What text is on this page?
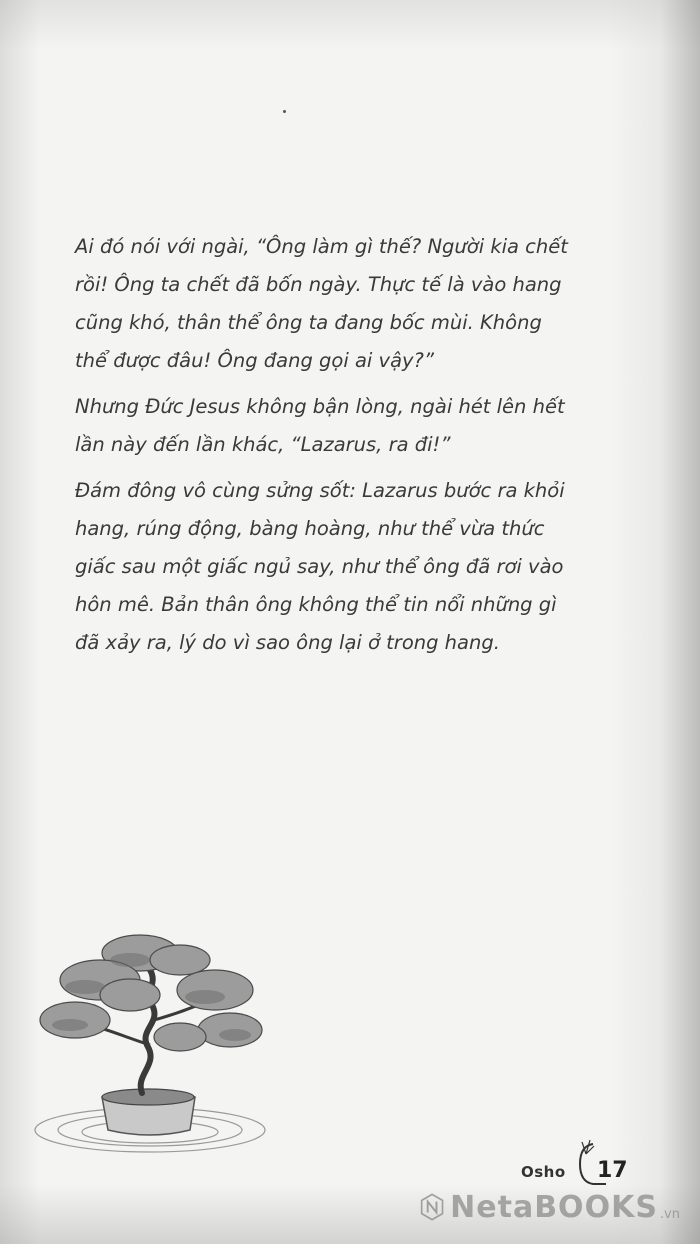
Ai đó nói với ngài, “Ông làm gì thế? Người kia chết rồi! Ông ta chết đã bốn ngày. Thực tế là vào hang cũng khó, thân thể ông ta đang bốc mùi. Không thể được đâu! Ông đang gọi ai vậy?”

Nhưng Đức Jesus không bận lòng, ngài hét lên hết lần này đến lần khác, “Lazarus, ra đi!”

Đám đông vô cùng sửng sốt: Lazarus bước ra khỏi hang, rúng động, bàng hoàng, như thể vừa thức giấc sau một giấc ngủ say, như thể ông đã rơi vào hôn mê. Bản thân ông không thể tin nổi những gì đã xảy ra, lý do vì sao ông lại ở trong hang.

Osho 17
NetaBOOKS .vn
